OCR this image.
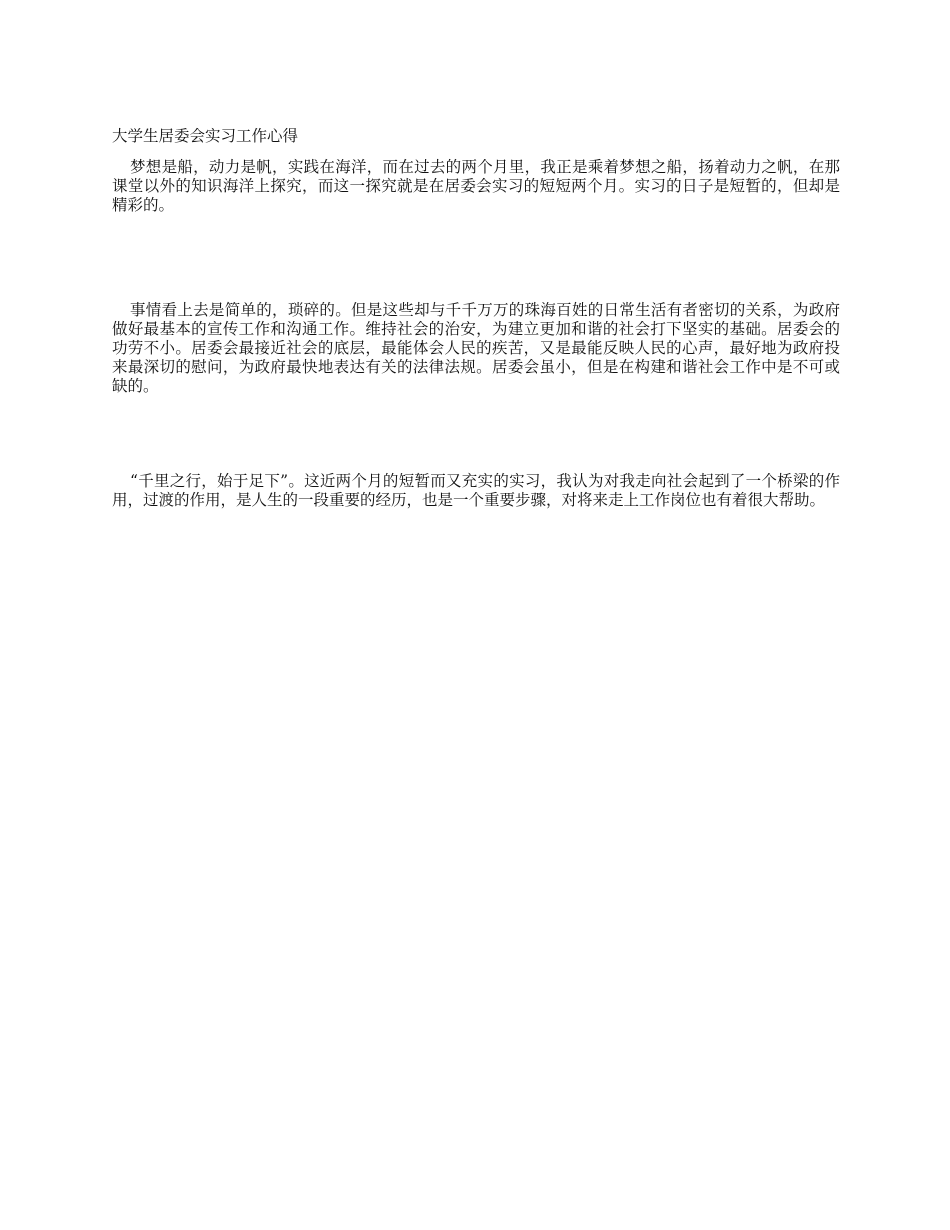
大学生居委会实习工作心得

梦想是船，动力是帆，实践在海洋，而在过去的两个月里，我正是乘着梦想之船，扬着动力之帆，在那课堂以外的知识海洋上探究，而这一探究就是在居委会实习的短短两个月。实习的日子是短暂的，但却是精彩的。

事情看上去是简单的，琐碎的。但是这些却与千千万万的珠海百姓的日常生活有者密切的关系，为政府做好最基本的宣传工作和沟通工作。维持社会的治安，为建立更加和谐的社会打下坚实的基础。居委会的功劳不小。居委会最接近社会的底层，最能体会人民的疾苦，又是最能反映人民的心声，最好地为政府投来最深切的慰问，为政府最快地表达有关的法律法规。居委会虽小，但是在构建和谐社会工作中是不可或缺的。

“千里之行，始于足下”。这近两个月的短暂而又充实的实习，我认为对我走向社会起到了一个桥梁的作用，过渡的作用，是人生的一段重要的经历，也是一个重要步骤，对将来走上工作岗位也有着很大帮助。
